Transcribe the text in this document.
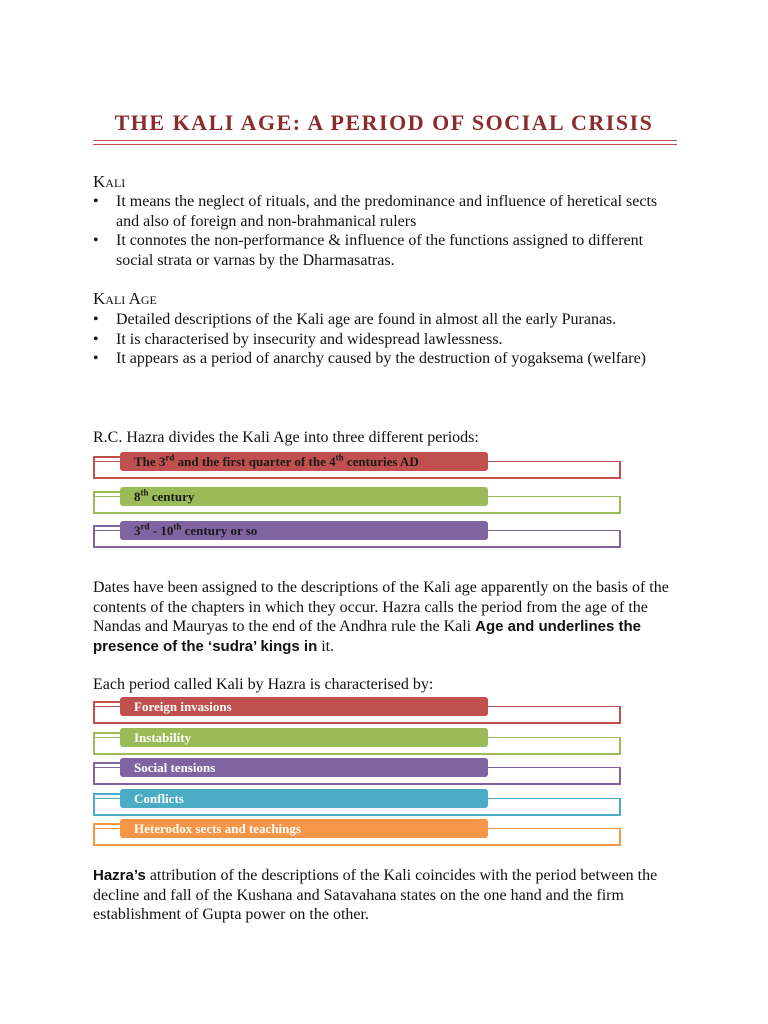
THE KALI AGE: A PERIOD OF SOCIAL CRISIS
Kali
• It means the neglect of rituals, and the predominance and influence of heretical sects and also of foreign and non-brahmanical rulers
• It connotes the non-performance & influence of the functions assigned to different social strata or varnas by the Dharmasatras.
Kali Age
• Detailed descriptions of the Kali age are found in almost all the early Puranas.
• It is characterised by insecurity and widespread lawlessness.
• It appears as a period of anarchy caused by the destruction of yogaksema (welfare)

R.C. Hazra divides the Kali Age into three different periods:

The 3rd and the first quarter of the 4th centuries AD
8th century
3rd - 10th century or so

Dates have been assigned to the descriptions of the Kali age apparently on the basis of the contents of the chapters in which they occur. Hazra calls the period from the age of the Nandas and Mauryas to the end of the Andhra rule the Kali Age and underlines the presence of the ‘sudra’ kings in it.

Each period called Kali by Hazra is characterised by:

Foreign invasions
Instability
Social tensions
Conflicts
Heterodox sects and teachings

Hazra’s attribution of the descriptions of the Kali coincides with the period between the decline and fall of the Kushana and Satavahana states on the one hand and the firm establishment of Gupta power on the other.
